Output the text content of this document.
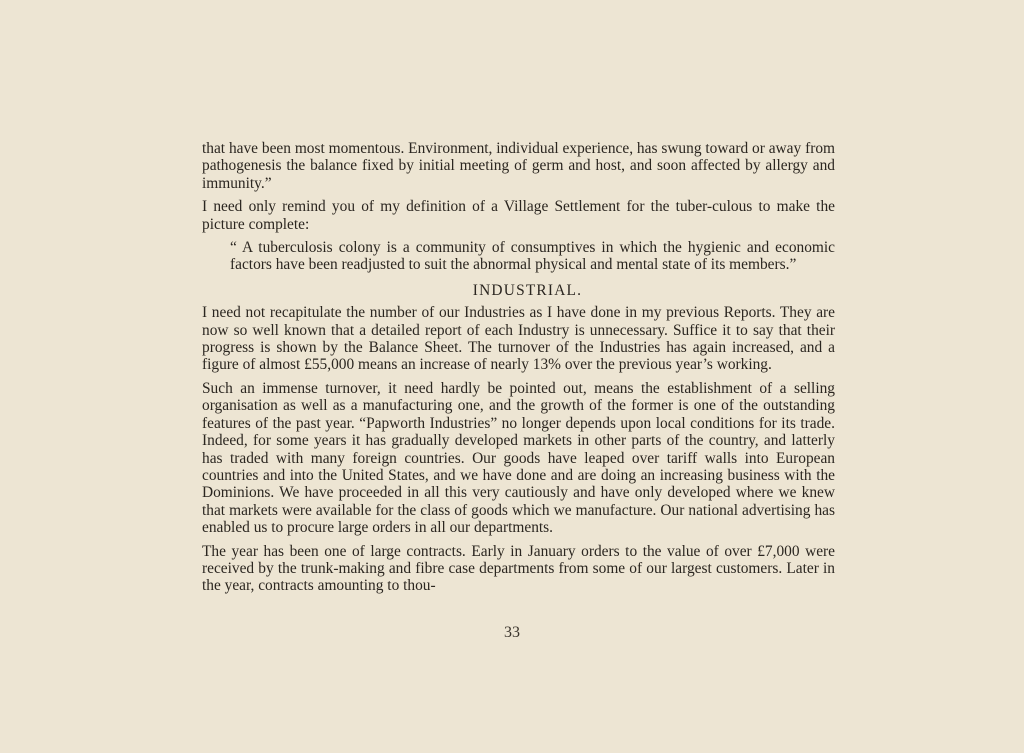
that have been most momentous. Environment, individual experience, has swung toward or away from pathogenesis the balance fixed by initial meeting of germ and host, and soon affected by allergy and immunity.”

I need only remind you of my definition of a Village Settlement for the tuber-culous to make the picture complete:

“ A tuberculosis colony is a community of consumptives in which the hygienic and economic factors have been readjusted to suit the abnormal physical and mental state of its members.”

INDUSTRIAL.

I need not recapitulate the number of our Industries as I have done in my previous Reports. They are now so well known that a detailed report of each Industry is unnecessary. Suffice it to say that their progress is shown by the Balance Sheet. The turnover of the Industries has again increased, and a figure of almost £55,000 means an increase of nearly 13% over the previous year’s working.

Such an immense turnover, it need hardly be pointed out, means the establishment of a selling organisation as well as a manufacturing one, and the growth of the former is one of the outstanding features of the past year. “Papworth Industries” no longer depends upon local conditions for its trade. Indeed, for some years it has gradually developed markets in other parts of the country, and latterly has traded with many foreign countries. Our goods have leaped over tariff walls into European countries and into the United States, and we have done and are doing an increasing business with the Dominions. We have proceeded in all this very cautiously and have only developed where we knew that markets were available for the class of goods which we manufacture. Our national advertising has enabled us to procure large orders in all our departments.

The year has been one of large contracts. Early in January orders to the value of over £7,000 were received by the trunk-making and fibre case departments from some of our largest customers. Later in the year, contracts amounting to thou-

33
